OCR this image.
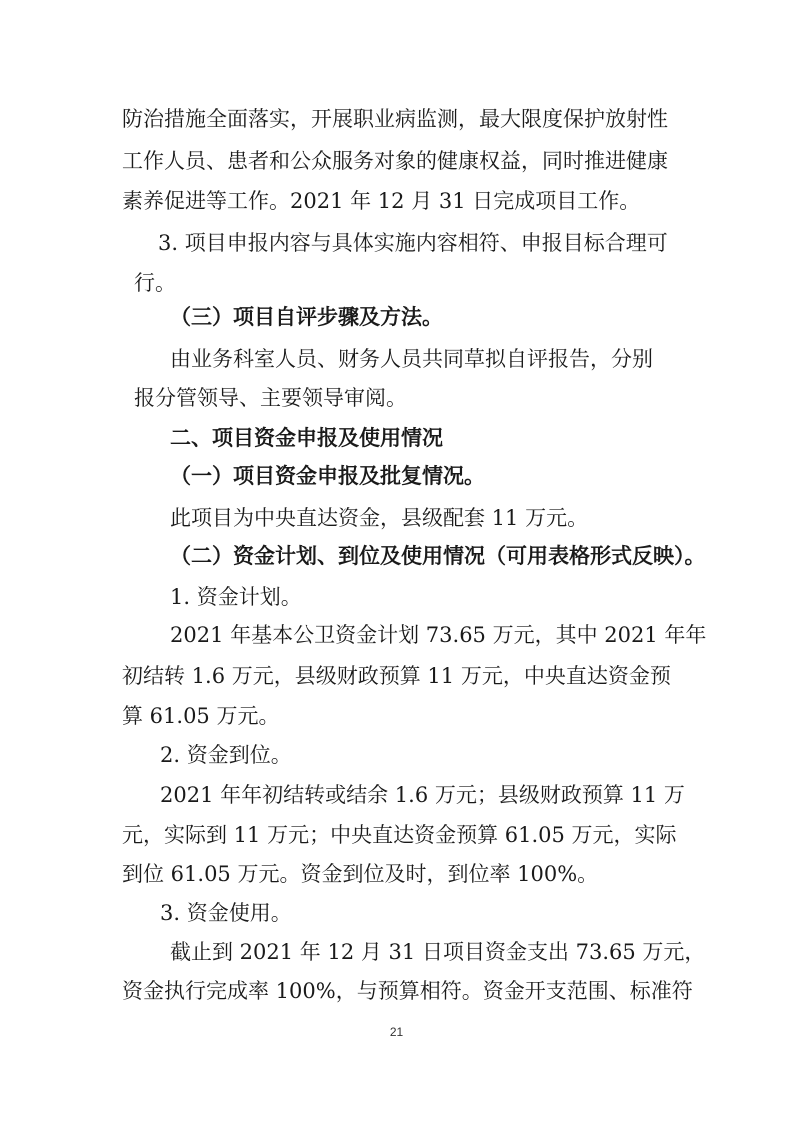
防治措施全面落实，开展职业病监测，最大限度保护放射性
工作人员、患者和公众服务对象的健康权益，同时推进健康
素养促进等工作。2021 年 12 月 31 日完成项目工作。
3. 项目申报内容与具体实施内容相符、申报目标合理可
行。
（三）项目自评步骤及方法。
由业务科室人员、财务人员共同草拟自评报告，分别
报分管领导、主要领导审阅。
二、项目资金申报及使用情况
（一）项目资金申报及批复情况。
此项目为中央直达资金，县级配套 11 万元。
（二）资金计划、到位及使用情况（可用表格形式反映）。
1. 资金计划。
2021 年基本公卫资金计划 73.65 万元，其中 2021 年年
初结转 1.6 万元，县级财政预算 11 万元，中央直达资金预
算 61.05 万元。
2. 资金到位。
2021 年年初结转或结余 1.6 万元；县级财政预算 11 万
元，实际到 11 万元；中央直达资金预算 61.05 万元，实际
到位 61.05 万元。资金到位及时，到位率 100%。
3. 资金使用。
截止到 2021 年 12 月 31 日项目资金支出 73.65 万元，
资金执行完成率 100%，与预算相符。资金开支范围、标准符
21
